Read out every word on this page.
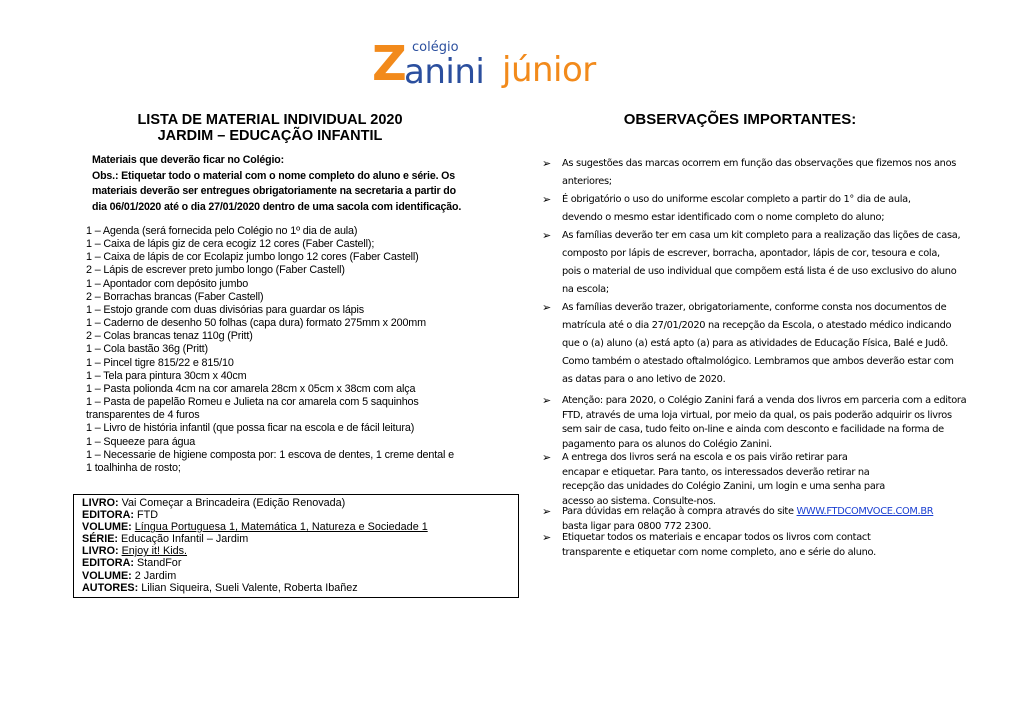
Z colégio
anini júnior
LISTA DE MATERIAL INDIVIDUAL 2020
JARDIM – EDUCAÇÃO INFANTIL
OBSERVAÇÕES IMPORTANTES:
Materiais que deverão ficar no Colégio:
Obs.: Etiquetar todo o material com o nome completo do aluno e série. Os
materiais deverão ser entregues obrigatoriamente na secretaria a partir do
dia 06/01/2020 até o dia 27/01/2020 dentro de uma sacola com identificação.
1 – Agenda (será fornecida pelo Colégio no 1º dia de aula)
1 – Caixa de lápis giz de cera ecogiz 12 cores (Faber Castell);
1 – Caixa de lápis de cor Ecolapiz jumbo longo 12 cores (Faber Castell)
2 – Lápis de escrever preto jumbo longo (Faber Castell)
1 – Apontador com depósito jumbo
2 – Borrachas brancas (Faber Castell)
1 – Estojo grande com duas divisórias para guardar os lápis
1 – Caderno de desenho 50 folhas (capa dura) formato 275mm x 200mm
2 – Colas brancas tenaz 110g (Pritt)
1 – Cola bastão 36g (Pritt)
1 – Pincel tigre 815/22 e 815/10
1 – Tela para pintura 30cm x 40cm
1 – Pasta polionda 4cm na cor amarela 28cm x 05cm x 38cm com alça
1 – Pasta de papelão Romeu e Julieta na cor amarela com 5 saquinhos
transparentes de 4 furos
1 – Livro de história infantil (que possa ficar na escola e de fácil leitura)
1 – Squeeze para água
1 – Necessarie de higiene composta por: 1 escova de dentes, 1 creme dental e
1 toalhinha de rosto;
LIVRO: Vai Começar a Brincadeira (Edição Renovada)
EDITORA: FTD
VOLUME: Língua Portuguesa 1, Matemática 1, Natureza e Sociedade 1
SÉRIE: Educação Infantil – Jardim
LIVRO: Enjoy it! Kids.
EDITORA: StandFor
VOLUME: 2 Jardim
AUTORES: Lilian Siqueira, Sueli Valente, Roberta Ibañez
➢ As sugestões das marcas ocorrem em função das observações que fizemos nos anos
anteriores;
➢ É obrigatório o uso do uniforme escolar completo a partir do 1° dia de aula,
devendo o mesmo estar identificado com o nome completo do aluno;
➢ As famílias deverão ter em casa um kit completo para a realização das lições de casa,
composto por lápis de escrever, borracha, apontador, lápis de cor, tesoura e cola,
pois o material de uso individual que compõem está lista é de uso exclusivo do aluno
na escola;
➢ As famílias deverão trazer, obrigatoriamente, conforme consta nos documentos de
matrícula até o dia 27/01/2020 na recepção da Escola, o atestado médico indicando
que o (a) aluno (a) está apto (a) para as atividades de Educação Física, Balé e Judô.
Como também o atestado oftalmológico. Lembramos que ambos deverão estar com
as datas para o ano letivo de 2020.
➢ Atenção: para 2020, o Colégio Zanini fará a venda dos livros em parceria com a editora
FTD, através de uma loja virtual, por meio da qual, os pais poderão adquirir os livros
sem sair de casa, tudo feito on-line e ainda com desconto e facilidade na forma de
pagamento para os alunos do Colégio Zanini.
➢ A entrega dos livros será na escola e os pais virão retirar para
encapar e etiquetar. Para tanto, os interessados deverão retirar na
recepção das unidades do Colégio Zanini, um login e uma senha para
acesso ao sistema. Consulte-nos.
➢ Para dúvidas em relação à compra através do site WWW.FTDCOMVOCE.COM.BR
basta ligar para 0800 772 2300.
➢ Etiquetar todos os materiais e encapar todos os livros com contact
transparente e etiquetar com nome completo, ano e série do aluno.
